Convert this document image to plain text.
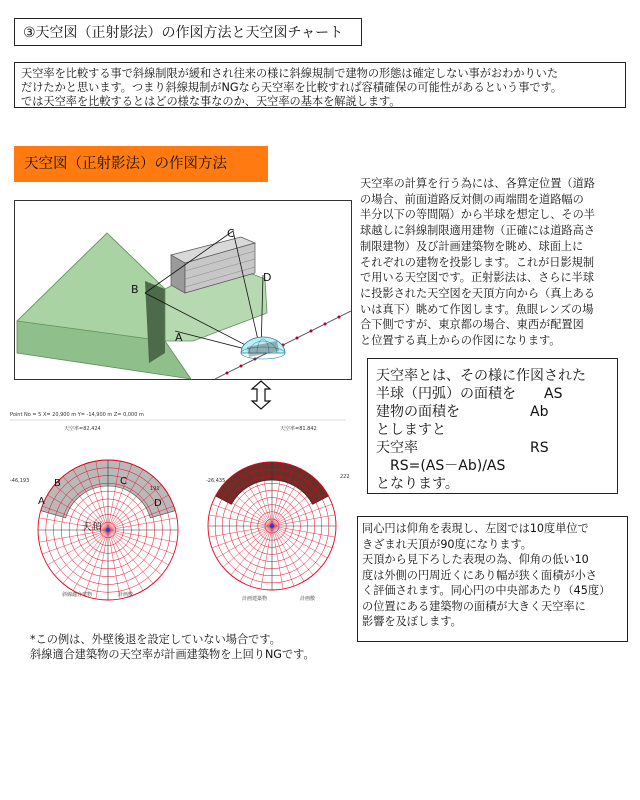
③天空図（正射影法）の作図方法と天空図チャート
天空率を比較する事で斜線制限が緩和され往来の様に斜線規制で建物の形態は確定しない事がおわかりいた
だけたかと思います。つまり斜線規制がNGなら天空率を比較すれば容積確保の可能性があるという事です。
では天空率を比較するとはどの様な事なのか、天空率の基本を解説します。
天空図（正射影法）の作図方法
B
C
D
A
天空率の計算を行う為には、各算定位置（道路
の場合、前面道路反対側の両端間を道路幅の
半分以下の等間隔）から半球を想定し、その半
球越しに斜線制限適用建物（正確には道路高さ
制限建物）及び計画建築物を眺め、球面上に
それぞれの建物を投影します。これが日影規制
で用いる天空図です。正射影法は、さらに半球
に投影された天空図を天頂方向から（真上ある
いは真下）眺めて作図します。魚眼レンズの場
合下側ですが、東京都の場合、東西が配置図
と位置する真上からの作図になります。
天空率とは、その様に作図された
半球（円弧）の面積を　　AS
建物の面積を　　　　　Ab
としますと
天空率　　　　　　　　RS
　RS=(AS－Ab)/AS
となります。
Point No = 5 X= 20,900 m Y= -14,900 m Z= 0,000 m
天空率=82.424
-46,193
191
A
B	C
D
天頂
斜線適合建物	計画敷
天空率=81.842
-26,435
222
計画建築物	計画敷
同心円は仰角を表現し、左図では10度単位で
きざまれ天頂が90度になります。
天頂から見下ろした表現の為、仰角の低い10
度は外側の円周近くにあり幅が狭く面積が小さ
く評価されます。同心円の中央部あたり（45度）
の位置にある建築物の面積が大きく天空率に
影響を及ぼします。
*この例は、外壁後退を設定していない場合です。
斜線適合建築物の天空率が計画建築物を上回りNGです。
